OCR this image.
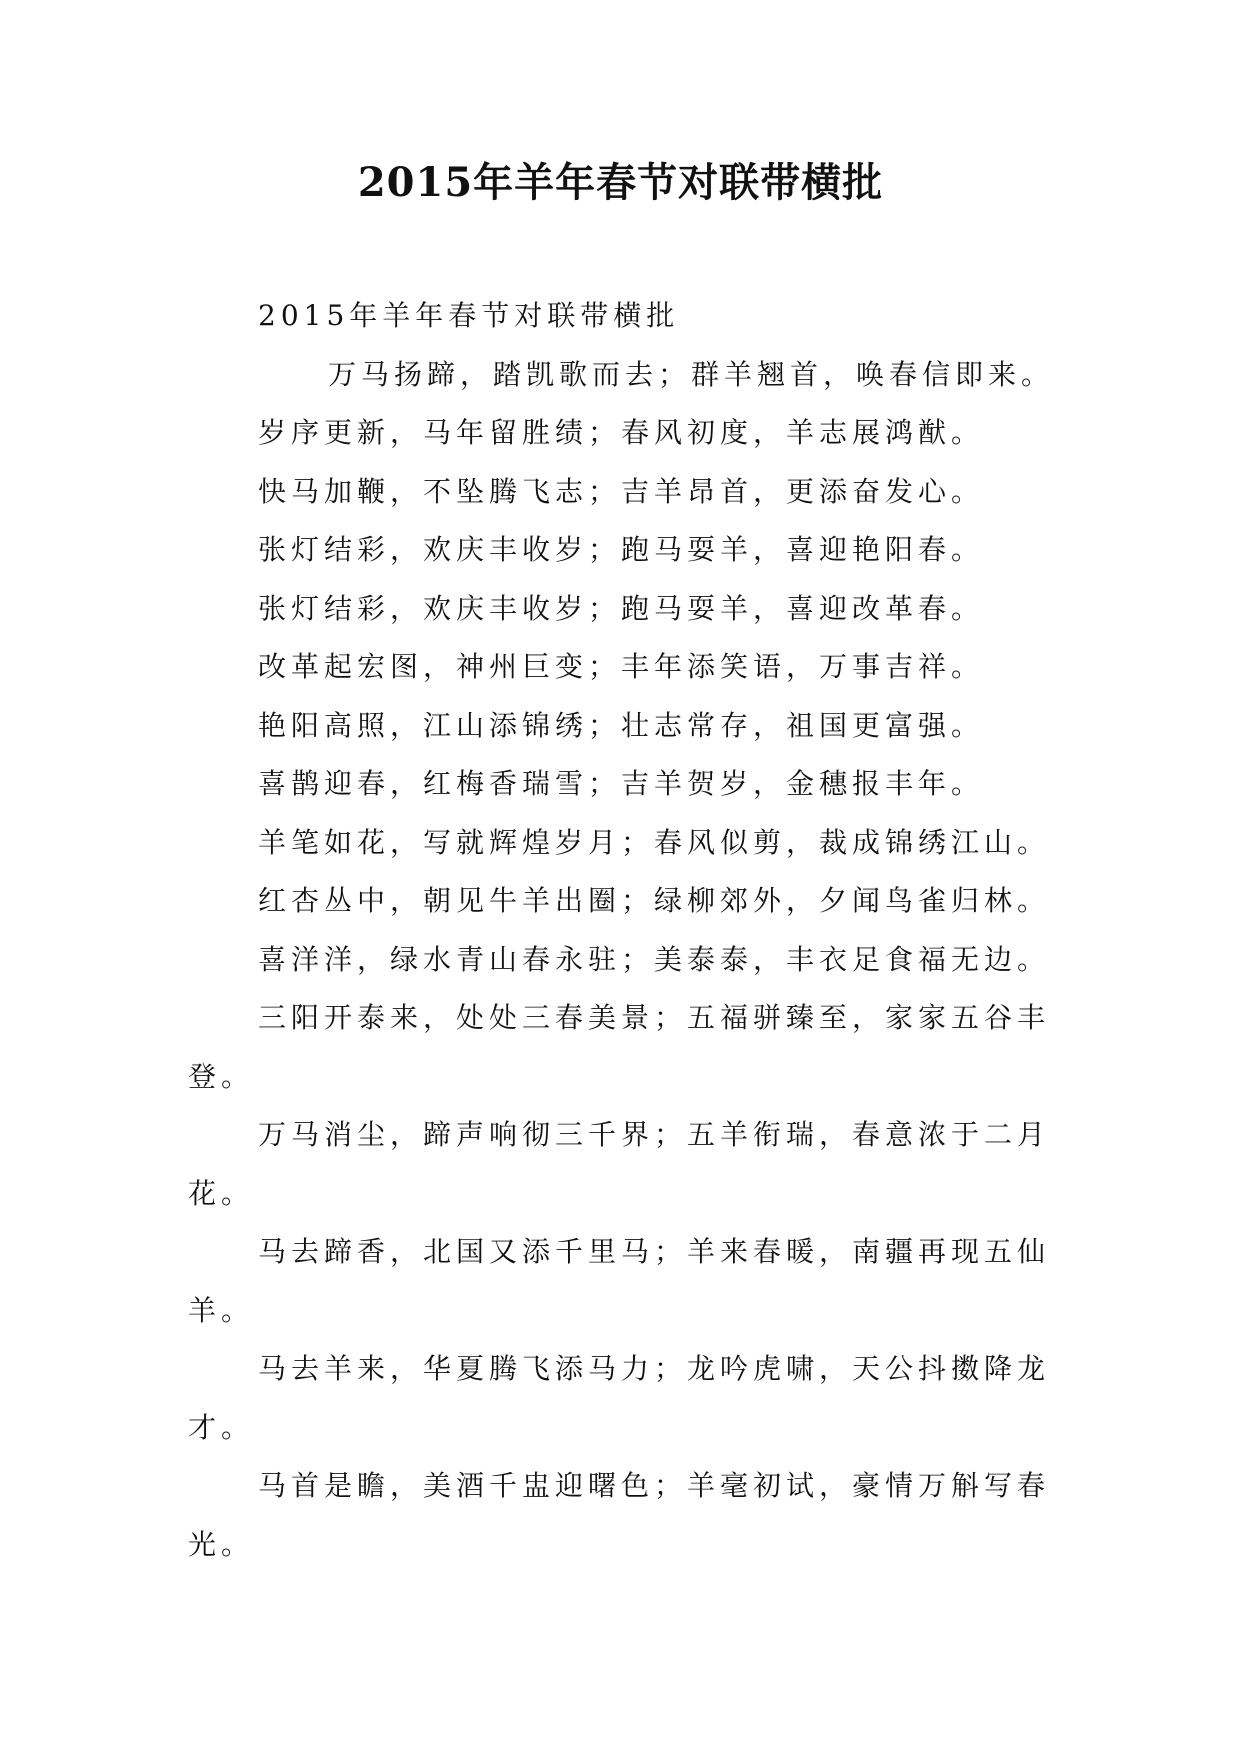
2015年羊年春节对联带横批

2015年羊年春节对联带横批

万马扬蹄，踏凯歌而去；群羊翘首，唤春信即来。

岁序更新，马年留胜绩；春风初度，羊志展鸿猷。

快马加鞭，不坠腾飞志；吉羊昂首，更添奋发心。

张灯结彩，欢庆丰收岁；跑马耍羊，喜迎艳阳春。

张灯结彩，欢庆丰收岁；跑马耍羊，喜迎改革春。

改革起宏图，神州巨变；丰年添笑语，万事吉祥。

艳阳高照，江山添锦绣；壮志常存，祖国更富强。

喜鹊迎春，红梅香瑞雪；吉羊贺岁，金穗报丰年。

羊笔如花，写就辉煌岁月；春风似剪，裁成锦绣江山。

红杏丛中，朝见牛羊出圈；绿柳郊外，夕闻鸟雀归林。

喜洋洋，绿水青山春永驻；美泰泰，丰衣足食福无边。

三阳开泰来，处处三春美景；五福骈臻至，家家五谷丰

登。

万马消尘，蹄声响彻三千界；五羊衔瑞，春意浓于二月

花。

马去蹄香，北国又添千里马；羊来春暖，南疆再现五仙

羊。

马去羊来，华夏腾飞添马力；龙吟虎啸，天公抖擞降龙

才。

马首是瞻，美酒千盅迎曙色；羊毫初试，豪情万斛写春

光。
